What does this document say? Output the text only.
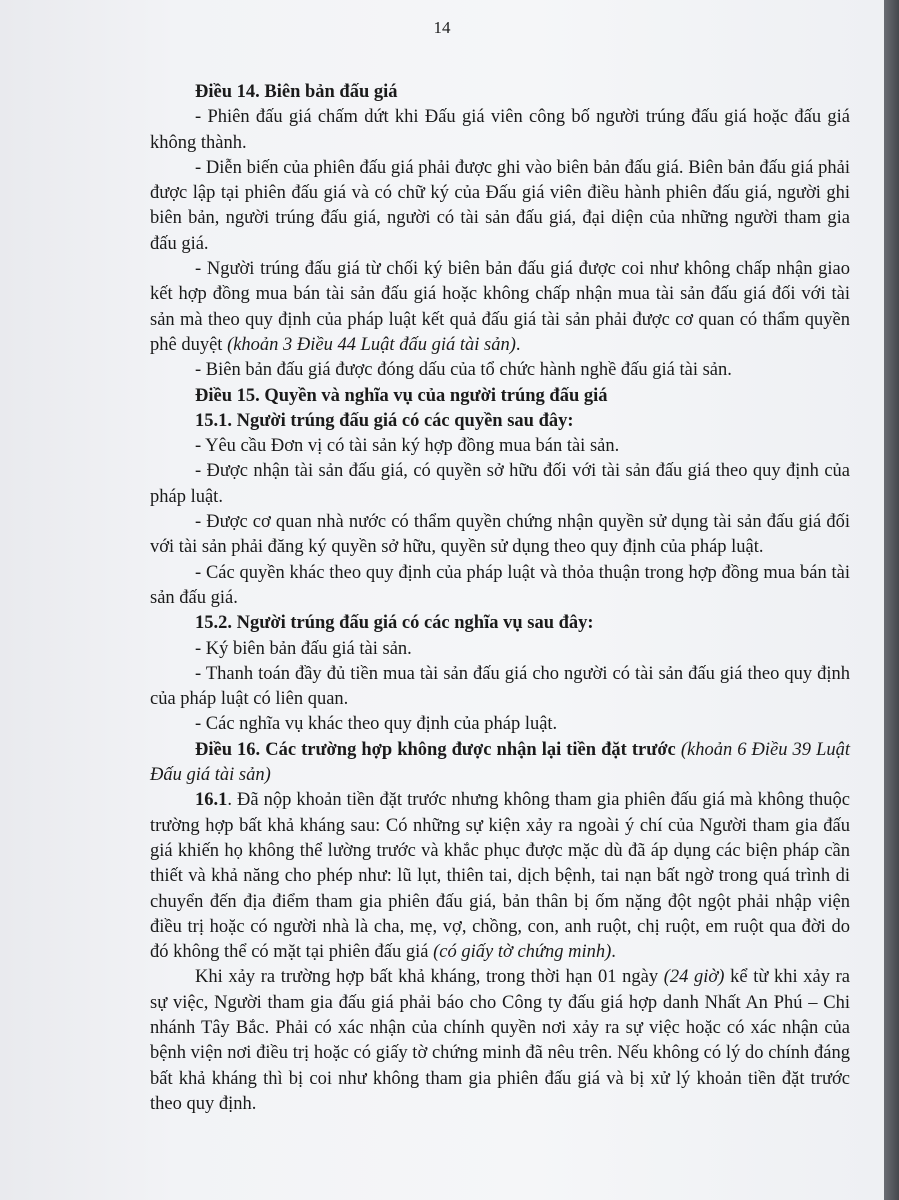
14

Điều 14. Biên bản đấu giá

- Phiên đấu giá chấm dứt khi Đấu giá viên công bố người trúng đấu giá hoặc đấu giá không thành.

- Diễn biến của phiên đấu giá phải được ghi vào biên bản đấu giá. Biên bản đấu giá phải được lập tại phiên đấu giá và có chữ ký của Đấu giá viên điều hành phiên đấu giá, người ghi biên bản, người trúng đấu giá, người có tài sản đấu giá, đại diện của những người tham gia đấu giá.

- Người trúng đấu giá từ chối ký biên bản đấu giá được coi như không chấp nhận giao kết hợp đồng mua bán tài sản đấu giá hoặc không chấp nhận mua tài sản đấu giá đối với tài sản mà theo quy định của pháp luật kết quả đấu giá tài sản phải được cơ quan có thẩm quyền phê duyệt (khoản 3 Điều 44 Luật đấu giá tài sản).

- Biên bản đấu giá được đóng dấu của tổ chức hành nghề đấu giá tài sản.

Điều 15. Quyền và nghĩa vụ của người trúng đấu giá

15.1. Người trúng đấu giá có các quyền sau đây:

- Yêu cầu Đơn vị có tài sản ký hợp đồng mua bán tài sản.

- Được nhận tài sản đấu giá, có quyền sở hữu đối với tài sản đấu giá theo quy định của pháp luật.

- Được cơ quan nhà nước có thẩm quyền chứng nhận quyền sử dụng tài sản đấu giá đối với tài sản phải đăng ký quyền sở hữu, quyền sử dụng theo quy định của pháp luật.

- Các quyền khác theo quy định của pháp luật và thỏa thuận trong hợp đồng mua bán tài sản đấu giá.

15.2. Người trúng đấu giá có các nghĩa vụ sau đây:

- Ký biên bản đấu giá tài sản.

- Thanh toán đầy đủ tiền mua tài sản đấu giá cho người có tài sản đấu giá theo quy định của pháp luật có liên quan.

- Các nghĩa vụ khác theo quy định của pháp luật.

Điều 16. Các trường hợp không được nhận lại tiền đặt trước (khoản 6 Điều 39 Luật Đấu giá tài sản)

16.1. Đã nộp khoản tiền đặt trước nhưng không tham gia phiên đấu giá mà không thuộc trường hợp bất khả kháng sau: Có những sự kiện xảy ra ngoài ý chí của Người tham gia đấu giá khiến họ không thể lường trước và khắc phục được mặc dù đã áp dụng các biện pháp cần thiết và khả năng cho phép như: lũ lụt, thiên tai, dịch bệnh, tai nạn bất ngờ trong quá trình di chuyển đến địa điểm tham gia phiên đấu giá, bản thân bị ốm nặng đột ngột phải nhập viện điều trị hoặc có người nhà là cha, mẹ, vợ, chồng, con, anh ruột, chị ruột, em ruột qua đời do đó không thể có mặt tại phiên đấu giá (có giấy tờ chứng minh).

Khi xảy ra trường hợp bất khả kháng, trong thời hạn 01 ngày (24 giờ) kể từ khi xảy ra sự việc, Người tham gia đấu giá phải báo cho Công ty đấu giá hợp danh Nhất An Phú – Chi nhánh Tây Bắc. Phải có xác nhận của chính quyền nơi xảy ra sự việc hoặc có xác nhận của bệnh viện nơi điều trị hoặc có giấy tờ chứng minh đã nêu trên. Nếu không có lý do chính đáng bất khả kháng thì bị coi như không tham gia phiên đấu giá và bị xử lý khoản tiền đặt trước theo quy định.
